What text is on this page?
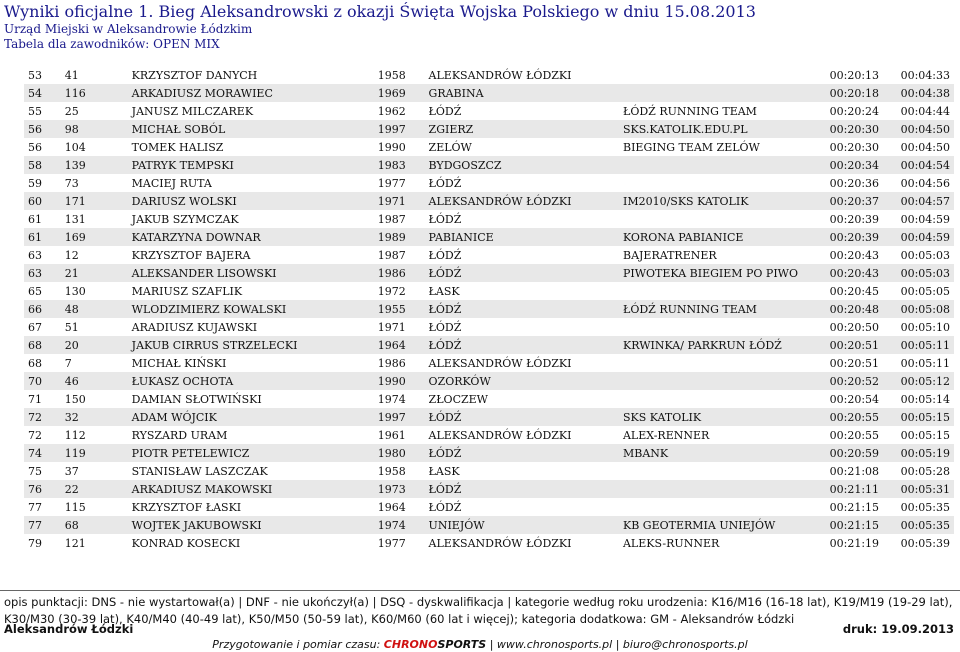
Wyniki oficjalne 1. Bieg Aleksandrowski z okazji Święta Wojska Polskiego w dniu 15.08.2013
Urząd Miejski w Aleksandrowie Łódzkim
Tabela dla zawodników: OPEN MIX
53	41	KRZYSZTOF DANYCH	1958	ALEKSANDRÓW ŁÓDZKI		00:20:13	00:04:33
54	116	ARKADIUSZ MORAWIEC	1969	GRABINA		00:20:18	00:04:38
55	25	JANUSZ MILCZAREK	1962	ŁÓDŹ	ŁÓDŹ RUNNING TEAM	00:20:24	00:04:44
56	98	MICHAŁ SOBÓL	1997	ZGIERZ	SKS.KATOLIK.EDU.PL	00:20:30	00:04:50
56	104	TOMEK HALISZ	1990	ZELÓW	BIEGING TEAM ZELÓW	00:20:30	00:04:50
58	139	PATRYK TEMPSKI	1983	BYDGOSZCZ		00:20:34	00:04:54
59	73	MACIEJ RUTA	1977	ŁÓDŹ		00:20:36	00:04:56
60	171	DARIUSZ WOLSKI	1971	ALEKSANDRÓW ŁÓDZKI	IM2010/SKS KATOLIK	00:20:37	00:04:57
61	131	JAKUB SZYMCZAK	1987	ŁÓDŹ		00:20:39	00:04:59
61	169	KATARZYNA DOWNAR	1989	PABIANICE	KORONA PABIANICE	00:20:39	00:04:59
63	12	KRZYSZTOF BAJERA	1987	ŁÓDŹ	BAJERATRENER	00:20:43	00:05:03
63	21	ALEKSANDER LISOWSKI	1986	ŁÓDŹ	PIWOTEKA BIEGIEM PO PIWO	00:20:43	00:05:03
65	130	MARIUSZ SZAFLIK	1972	ŁASK		00:20:45	00:05:05
66	48	WLODZIMIERZ KOWALSKI	1955	ŁÓDŹ	ŁÓDŹ RUNNING TEAM	00:20:48	00:05:08
67	51	ARADIUSZ KUJAWSKI	1971	ŁÓDŹ		00:20:50	00:05:10
68	20	JAKUB CIRRUS STRZELECKI	1964	ŁÓDŹ	KRWINKA/ PARKRUN ŁÓDŹ	00:20:51	00:05:11
68	7	MICHAŁ KIŃSKI	1986	ALEKSANDRÓW ŁÓDZKI		00:20:51	00:05:11
70	46	ŁUKASZ OCHOTA	1990	OZORKÓW		00:20:52	00:05:12
71	150	DAMIAN SŁOTWIŃSKI	1974	ZŁOCZEW		00:20:54	00:05:14
72	32	ADAM WÓJCIK	1997	ŁÓDŹ	SKS KATOLIK	00:20:55	00:05:15
72	112	RYSZARD URAM	1961	ALEKSANDRÓW ŁÓDZKI	ALEX-RENNER	00:20:55	00:05:15
74	119	PIOTR PETELEWICZ	1980	ŁÓDŹ	MBANK	00:20:59	00:05:19
75	37	STANISŁAW LASZCZAK	1958	ŁASK		00:21:08	00:05:28
76	22	ARKADIUSZ MAKOWSKI	1973	ŁÓDŹ		00:21:11	00:05:31
77	115	KRZYSZTOF ŁASKI	1964	ŁÓDŹ		00:21:15	00:05:35
77	68	WOJTEK JAKUBOWSKI	1974	UNIEJÓW	KB GEOTERMIA UNIEJÓW	00:21:15	00:05:35
79	121	KONRAD KOSECKI	1977	ALEKSANDRÓW ŁÓDZKI	ALEKS-RUNNER	00:21:19	00:05:39
opis punktacji: DNS - nie wystartował(a) | DNF - nie ukończył(a) | DSQ - dyskwalifikacja | kategorie według roku urodzenia: K16/M16 (16-18 lat), K19/M19 (19-29 lat), K30/M30 (30-39 lat), K40/M40 (40-49 lat), K50/M50 (50-59 lat), K60/M60 (60 lat i więcej); kategoria dodatkowa: GM - Aleksandrów Łódzki
Aleksandrów Łódzki	druk: 19.09.2013
Przygotowanie i pomiar czasu: CHRONOSPORTS | www.chronosports.pl | biuro@chronosports.pl
